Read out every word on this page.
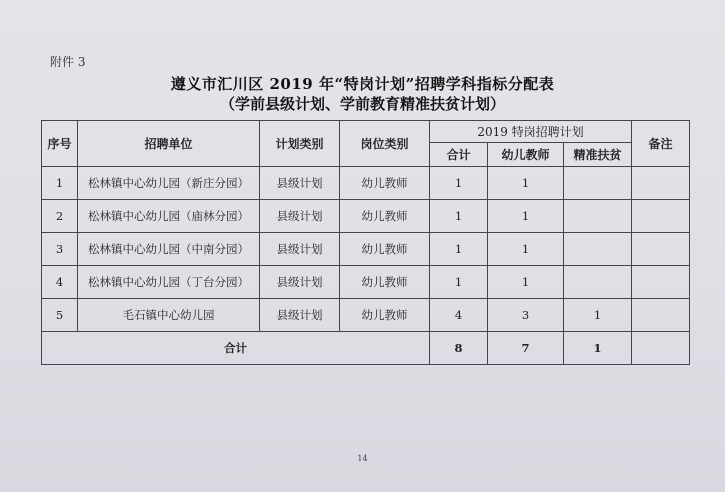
附件 3
遵义市汇川区 2019 年“特岗计划”招聘学科指标分配表
（学前县级计划、学前教育精准扶贫计划）
序号	招聘单位	计划类别	岗位类别	2019 特岗招聘计划			备注
				合计	幼儿教师	精准扶贫	
1	松林镇中心幼儿园（新庄分园）	县级计划	幼儿教师	1	1		
2	松林镇中心幼儿园（庙林分园）	县级计划	幼儿教师	1	1		
3	松林镇中心幼儿园（中南分园）	县级计划	幼儿教师	1	1		
4	松林镇中心幼儿园（丁台分园）	县级计划	幼儿教师	1	1		
5	毛石镇中心幼儿园	县级计划	幼儿教师	4	3	1	
合计				8	7	1	
14
